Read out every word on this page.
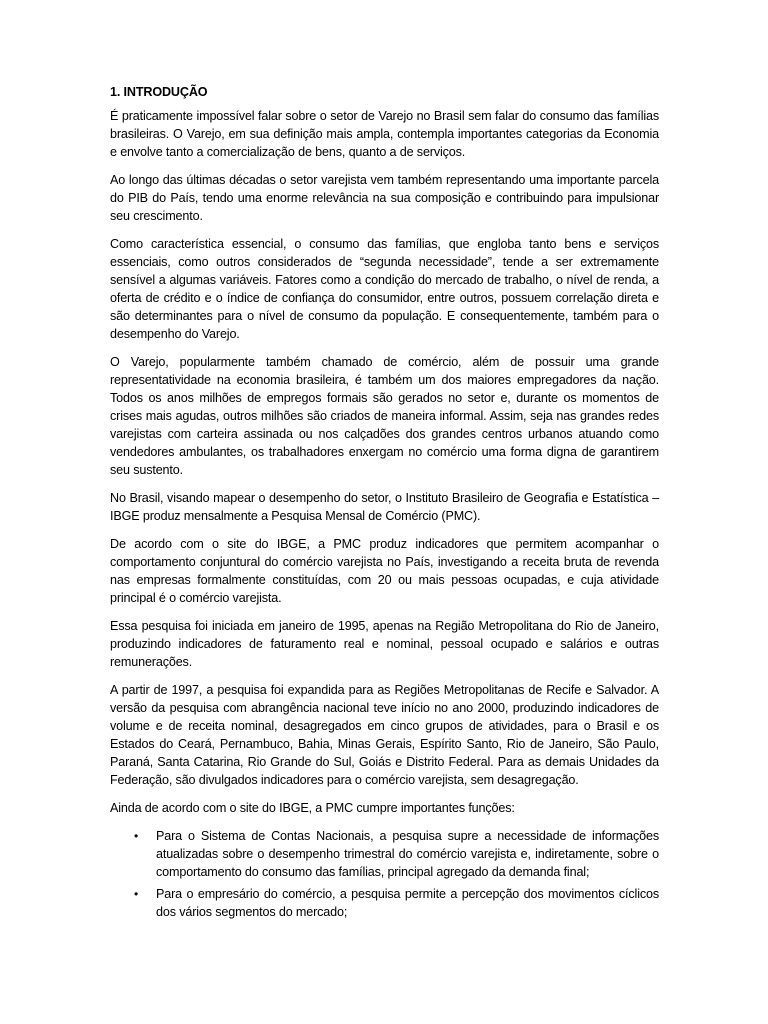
1. INTRODUÇÃO

É praticamente impossível falar sobre o setor de Varejo no Brasil sem falar do consumo das famílias brasileiras. O Varejo, em sua definição mais ampla, contempla importantes categorias da Economia e envolve tanto a comercialização de bens, quanto a de serviços.

Ao longo das últimas décadas o setor varejista vem também representando uma importante parcela do PIB do País, tendo uma enorme relevância na sua composição e contribuindo para impulsionar seu crescimento.

Como característica essencial, o consumo das famílias, que engloba tanto bens e serviços essenciais, como outros considerados de “segunda necessidade”, tende a ser extremamente sensível a algumas variáveis. Fatores como a condição do mercado de trabalho, o nível de renda, a oferta de crédito e o índice de confiança do consumidor, entre outros, possuem correlação direta e são determinantes para o nível de consumo da população. E consequentemente, também para o desempenho do Varejo.

O Varejo, popularmente também chamado de comércio, além de possuir uma grande representatividade na economia brasileira, é também um dos maiores empregadores da nação. Todos os anos milhões de empregos formais são gerados no setor e, durante os momentos de crises mais agudas, outros milhões são criados de maneira informal. Assim, seja nas grandes redes varejistas com carteira assinada ou nos calçadões dos grandes centros urbanos atuando como vendedores ambulantes, os trabalhadores enxergam no comércio uma forma digna de garantirem seu sustento.

No Brasil, visando mapear o desempenho do setor, o Instituto Brasileiro de Geografia e Estatística – IBGE produz mensalmente a Pesquisa Mensal de Comércio (PMC).

De acordo com o site do IBGE, a PMC produz indicadores que permitem acompanhar o comportamento conjuntural do comércio varejista no País, investigando a receita bruta de revenda nas empresas formalmente constituídas, com 20 ou mais pessoas ocupadas, e cuja atividade principal é o comércio varejista.

Essa pesquisa foi iniciada em janeiro de 1995, apenas na Região Metropolitana do Rio de Janeiro, produzindo indicadores de faturamento real e nominal, pessoal ocupado e salários e outras remunerações.

A partir de 1997, a pesquisa foi expandida para as Regiões Metropolitanas de Recife e Salvador. A versão da pesquisa com abrangência nacional teve início no ano 2000, produzindo indicadores de volume e de receita nominal, desagregados em cinco grupos de atividades, para o Brasil e os Estados do Ceará, Pernambuco, Bahia, Minas Gerais, Espírito Santo, Rio de Janeiro, São Paulo, Paraná, Santa Catarina, Rio Grande do Sul, Goiás e Distrito Federal. Para as demais Unidades da Federação, são divulgados indicadores para o comércio varejista, sem desagregação.

Ainda de acordo com o site do IBGE, a PMC cumpre importantes funções:

• Para o Sistema de Contas Nacionais, a pesquisa supre a necessidade de informações atualizadas sobre o desempenho trimestral do comércio varejista e, indiretamente, sobre o comportamento do consumo das famílias, principal agregado da demanda final;
• Para o empresário do comércio, a pesquisa permite a percepção dos movimentos cíclicos dos vários segmentos do mercado;
